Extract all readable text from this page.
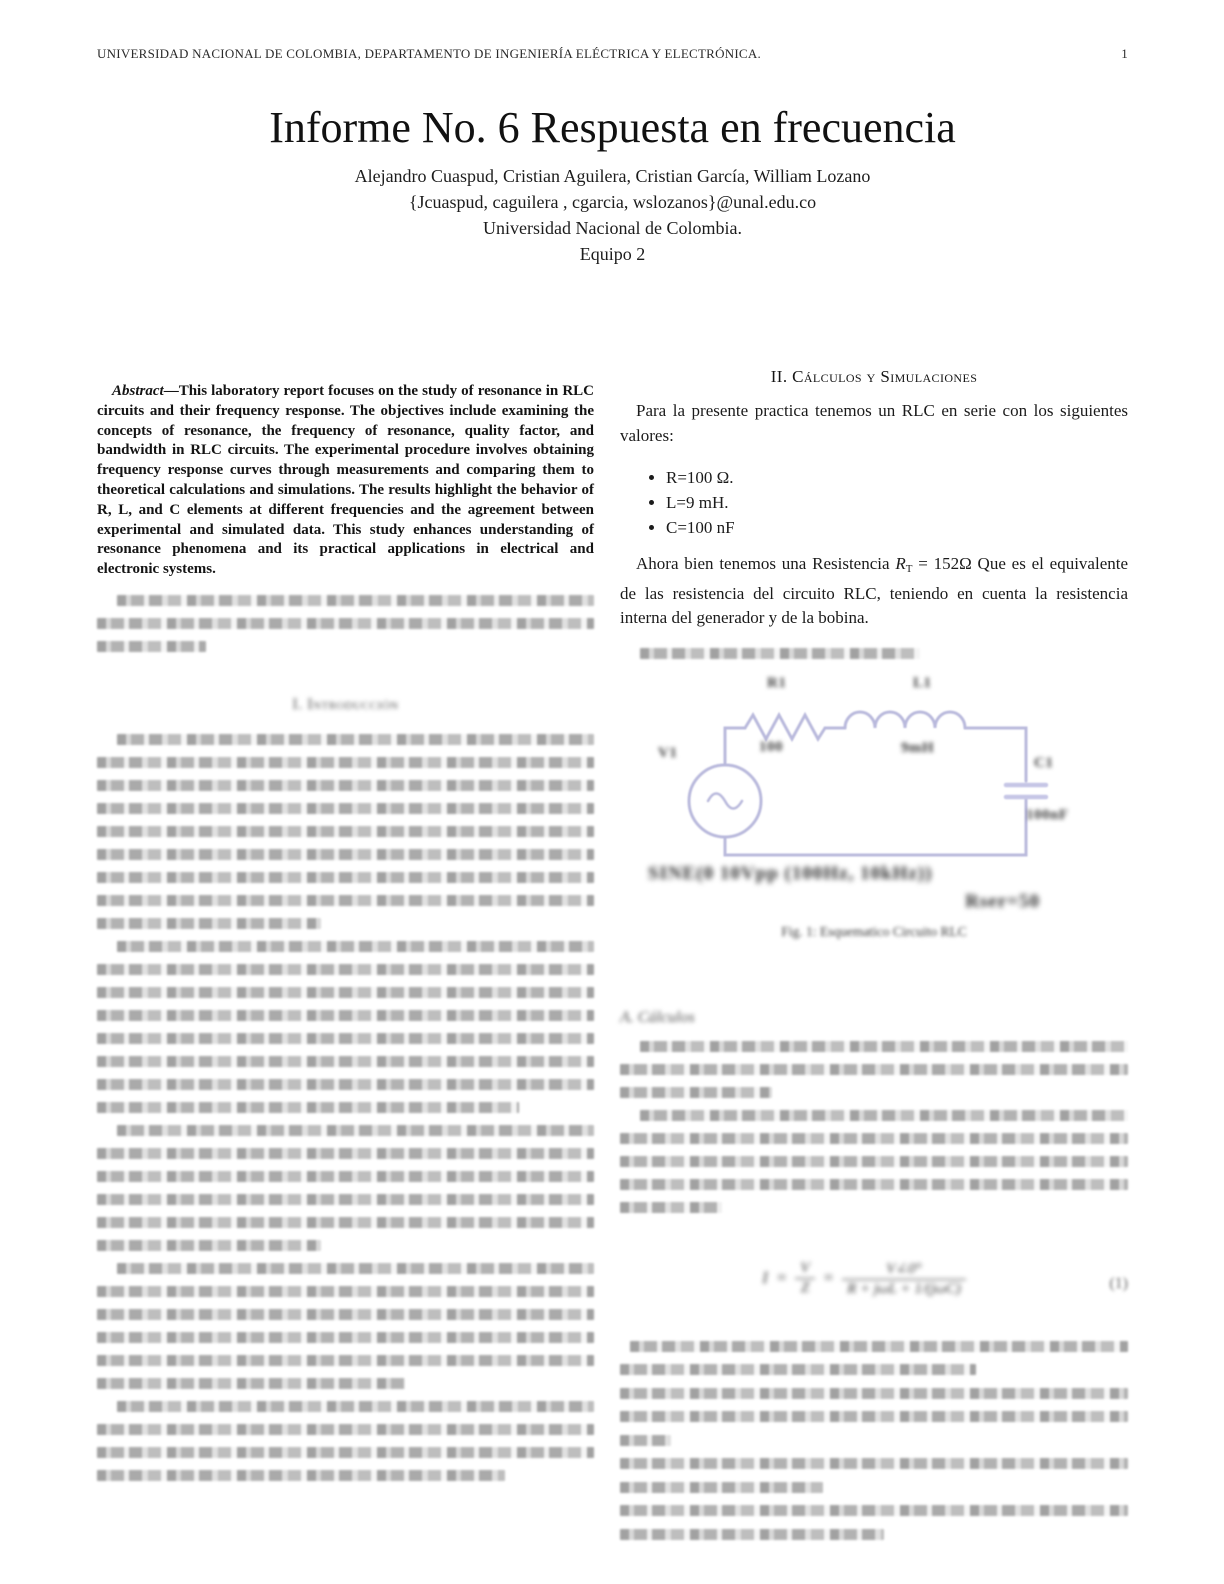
UNIVERSIDAD NACIONAL DE COLOMBIA, DEPARTAMENTO DE INGENIERÍA ELÉCTRICA Y ELECTRÓNICA.	1
Informe No. 6 Respuesta en frecuencia
Alejandro Cuaspud, Cristian Aguilera, Cristian García, William Lozano
{Jcuaspud, caguilera , cgarcia, wslozanos}@unal.edu.co
Universidad Nacional de Colombia.
Equipo 2

Abstract—This laboratory report focuses on the study of resonance in RLC circuits and their frequency response. The objectives include examining the concepts of resonance, the frequency of resonance, quality factor, and bandwidth in RLC circuits. The experimental procedure involves obtaining frequency response curves through measurements and comparing them to theoretical calculations and simulations. The results highlight the behavior of R, L, and C elements at different frequencies and the agreement between experimental and simulated data. This study enhances understanding of resonance phenomena and its practical applications in electrical and electronic systems.

I. Introducción
II. Cálculos y Simulaciones

Para la presente practica tenemos un RLC en serie con los siguientes valores:

• R=100 Ω.
• L=9 mH.
• C=100 nF

Ahora bien tenemos una Resistencia $R_T = 152\Omega$ Que es el equivalente de las resistencia del circuito RLC, teniendo en cuenta la resistencia interna del generador y de la bobina.

V1
R1
100
L1
9mH
C1
100nF
SINE(0 10Vpp (100Hz, 10kHz))
Rser=50
Fig. 1: Esquematico Circuito RLC
A. Cálculos
$I = \frac{V}{Z} = \frac{V\angle 0^\circ}{\text{R + jωL + 1/(jωC)}}$	(1)
